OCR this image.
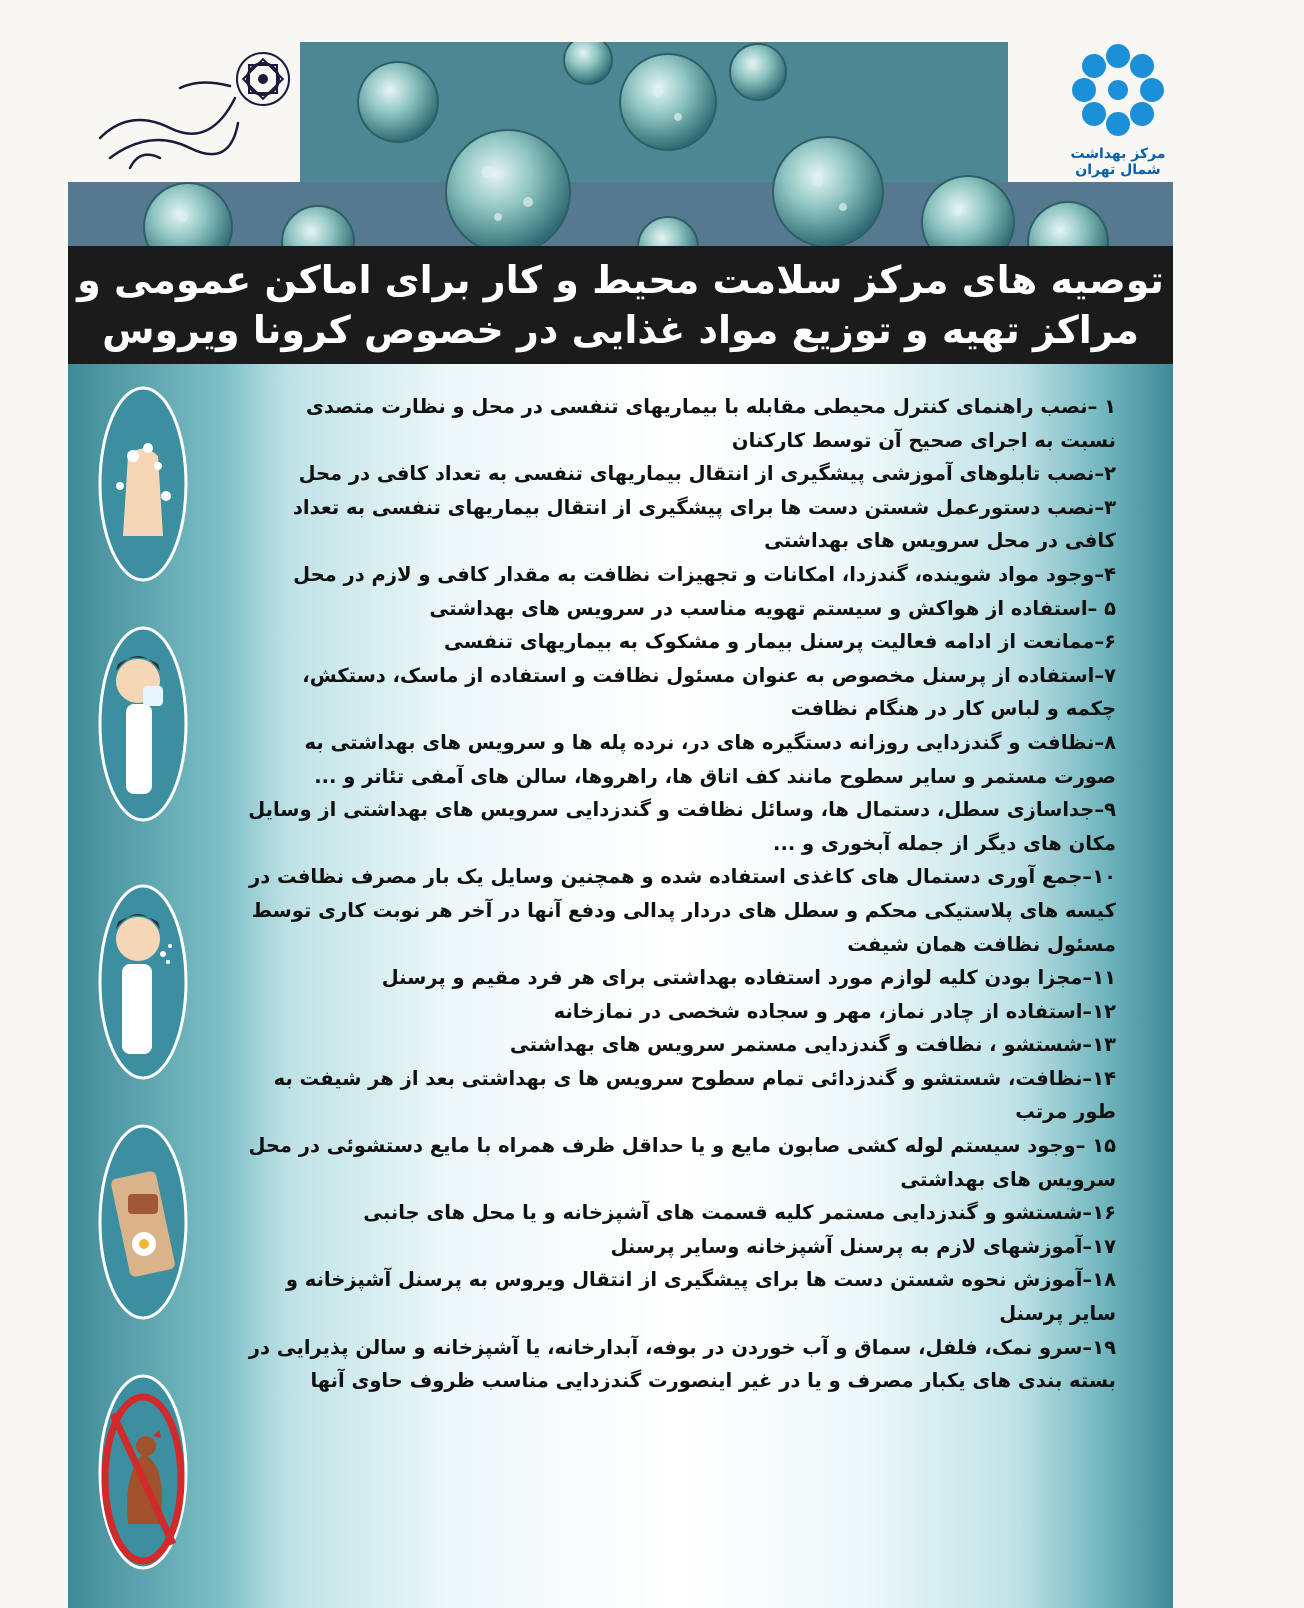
مرکز بهداشت شمال تهران
توصیه های مرکز سلامت محیط و کار برای اماکن عمومی و
مراکز تهیه و توزیع مواد غذایی در خصوص کرونا ویروس

۱ –نصب راهنمای کنترل محیطی مقابله با بیماریهای تنفسی در محل و نظارت متصدی نسبت به اجرای صحیح آن توسط کارکنان

۲–نصب تابلوهای آموزشی پیشگیری از انتقال بیماریهای تنفسی به تعداد کافی در محل

۳–نصب دستورعمل شستن دست ها برای پیشگیری از انتقال بیماریهای تنفسی به تعداد کافی در محل سرویس های بهداشتی

۴–وجود مواد شوینده، گندزدا، امکانات و تجهیزات نظافت به مقدار کافی و لازم در محل

۵ –استفاده از هواکش و سیستم تهویه مناسب در سرویس های بهداشتی

۶–ممانعت از ادامه فعالیت پرسنل بیمار و مشکوک به بیماریهای تنفسی

۷–استفاده از پرسنل مخصوص به عنوان مسئول نظافت و استفاده از ماسک، دستکش، چکمه و لباس کار در هنگام نظافت

۸–نظافت و گندزدایی روزانه دستگیره های در، نرده پله ها و سرویس های بهداشتی به صورت مستمر و سایر سطوح مانند کف اتاق ها، راهروها، سالن های آمفی تئاتر و ...

۹–جداسازی سطل، دستمال ها، وسائل نظافت و گندزدایی سرویس های بهداشتی از وسایل مکان های دیگر از جمله آبخوری و ...

۱۰–جمع آوری دستمال های کاغذی استفاده شده و همچنین وسایل یک بار مصرف نظافت در کیسه های پلاستیکی محکم و سطل های دردار پدالی ودفع آنها در آخر هر نوبت کاری توسط مسئول نظافت همان شیفت

۱۱–مجزا بودن کلیه لوازم مورد استفاده بهداشتی برای هر فرد مقیم و پرسنل

۱۲–استفاده از چادر نماز، مهر و سجاده شخصی در نمازخانه

۱۳–شستشو ، نظافت و گندزدایی مستمر سرویس های بهداشتی

۱۴–نظافت، شستشو و گندزدائی تمام سطوح سرویس ها ی بهداشتی بعد از هر شیفت به طور مرتب

۱۵ –وجود سیستم لوله کشی صابون مایع و یا حداقل ظرف همراه با مایع دستشوئی در محل سرویس های بهداشتی

۱۶–شستشو و گندزدایی مستمر کلیه قسمت های آشپزخانه و یا محل های جانبی

۱۷–آموزشهای لازم به پرسنل آشپزخانه وسایر پرسنل

۱۸–آموزش نحوه شستن دست ها برای پیشگیری از انتقال ویروس به پرسنل آشپزخانه و سایر پرسنل

۱۹–سرو نمک، فلفل، سماق و آب خوردن در بوفه، آبدارخانه، یا آشپزخانه و سالن پذیرایی در بسته بندی های یکبار مصرف و یا در غیر اینصورت گندزدایی مناسب ظروف حاوی آنها
